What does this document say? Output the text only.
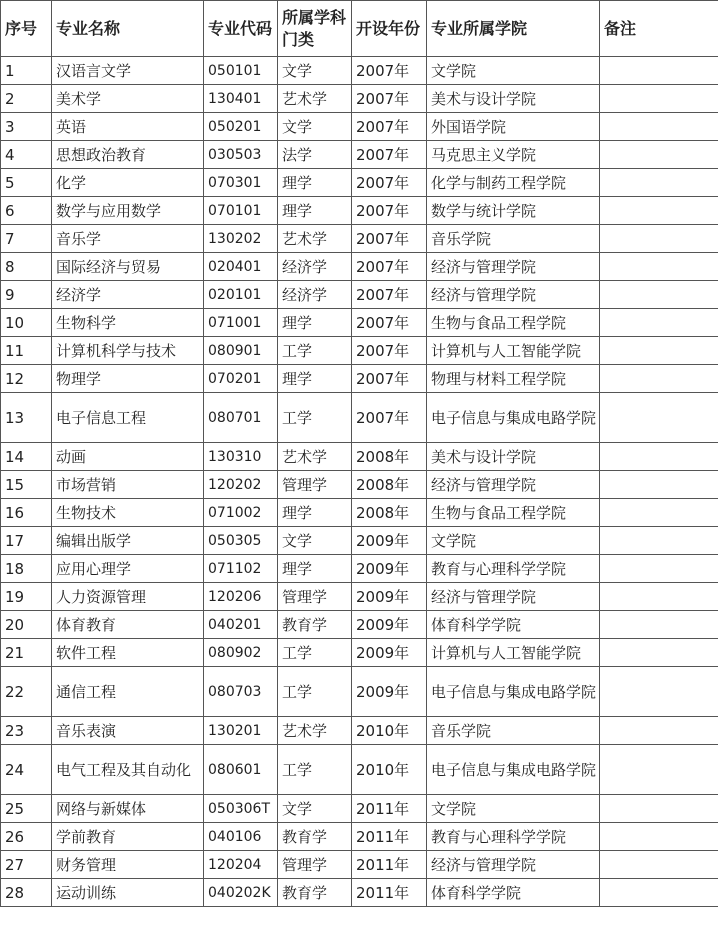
序号	专业名称	专业代码	所属学科门类	开设年份	专业所属学院	备注
1	汉语言文学	050101	文学	2007年	文学院	
2	美术学	130401	艺术学	2007年	美术与设计学院	
3	英语	050201	文学	2007年	外国语学院	
4	思想政治教育	030503	法学	2007年	马克思主义学院	
5	化学	070301	理学	2007年	化学与制药工程学院	
6	数学与应用数学	070101	理学	2007年	数学与统计学院	
7	音乐学	130202	艺术学	2007年	音乐学院	
8	国际经济与贸易	020401	经济学	2007年	经济与管理学院	
9	经济学	020101	经济学	2007年	经济与管理学院	
10	生物科学	071001	理学	2007年	生物与食品工程学院	
11	计算机科学与技术	080901	工学	2007年	计算机与人工智能学院	
12	物理学	070201	理学	2007年	物理与材料工程学院	
13	电子信息工程	080701	工学	2007年	电子信息与集成电路学院	
14	动画	130310	艺术学	2008年	美术与设计学院	
15	市场营销	120202	管理学	2008年	经济与管理学院	
16	生物技术	071002	理学	2008年	生物与食品工程学院	
17	编辑出版学	050305	文学	2009年	文学院	
18	应用心理学	071102	理学	2009年	教育与心理科学学院	
19	人力资源管理	120206	管理学	2009年	经济与管理学院	
20	体育教育	040201	教育学	2009年	体育科学学院	
21	软件工程	080902	工学	2009年	计算机与人工智能学院	
22	通信工程	080703	工学	2009年	电子信息与集成电路学院	
23	音乐表演	130201	艺术学	2010年	音乐学院	
24	电气工程及其自动化	080601	工学	2010年	电子信息与集成电路学院	
25	网络与新媒体	050306T	文学	2011年	文学院	
26	学前教育	040106	教育学	2011年	教育与心理科学学院	
27	财务管理	120204	管理学	2011年	经济与管理学院	
28	运动训练	040202K	教育学	2011年	体育科学学院	
